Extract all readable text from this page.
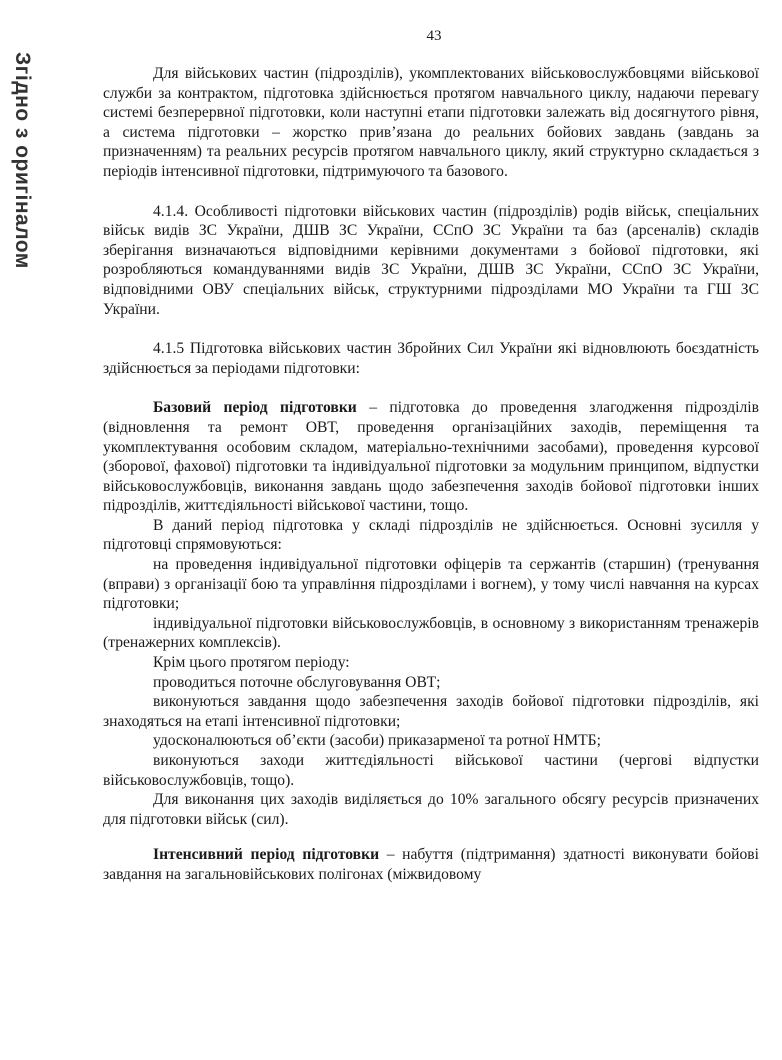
Згідно з оригіналом
43

Для військових частин (підрозділів), укомплектованих військовослужбовцями військової служби за контрактом, підготовка здійснюється протягом навчального циклу, надаючи перевагу системі безперервної підготовки, коли наступні етапи підготовки залежать від досягнутого рівня, а система підготовки – жорстко прив’язана до реальних бойових завдань (завдань за призначенням) та реальних ресурсів протягом навчального циклу, який структурно складається з періодів інтенсивної підготовки, підтримуючого та базового.

4.1.4. Особливості підготовки військових частин (підрозділів) родів військ, спеціальних військ видів ЗС України, ДШВ ЗС України, ССпО ЗС України та баз (арсеналів) складів зберігання визначаються відповідними керівними документами з бойової підготовки, які розробляються командуваннями видів ЗС України, ДШВ ЗС України, ССпО ЗС України, відповідними ОВУ спеціальних військ, структурними підрозділами МО України та ГШ ЗС України.

4.1.5 Підготовка військових частин Збройних Сил України які відновлюють боєздатність здійснюється за періодами підготовки:

Базовий період підготовки – підготовка до проведення злагодження підрозділів (відновлення та ремонт ОВТ, проведення організаційних заходів, переміщення та укомплектування особовим складом, матеріально-технічними засобами), проведення курсової (зборової, фахової) підготовки та індивідуальної підготовки за модульним принципом, відпустки військовослужбовців, виконання завдань щодо забезпечення заходів бойової підготовки інших підрозділів, життєдіяльності військової частини, тощо.

В даний період підготовка у складі підрозділів не здійснюється. Основні зусилля у підготовці спрямовуються:

на проведення індивідуальної підготовки офіцерів та сержантів (старшин) (тренування (вправи) з організації бою та управління підрозділами і вогнем), у тому числі навчання на курсах підготовки;

індивідуальної підготовки військовослужбовців, в основному з використанням тренажерів (тренажерних комплексів).

Крім цього протягом періоду:

проводиться поточне обслуговування ОВТ;

виконуються завдання щодо забезпечення заходів бойової підготовки підрозділів, які знаходяться на етапі інтенсивної підготовки;

удосконалюються об’єкти (засоби) приказарменої та ротної НМТБ;

виконуються заходи життєдіяльності військової частини (чергові відпустки військовослужбовців, тощо).

Для виконання цих заходів виділяється до 10% загального обсягу ресурсів призначених для підготовки військ (сил).

Інтенсивний період підготовки – набуття (підтримання) здатності виконувати бойові завдання на загальновійськових полігонах (міжвидовому
